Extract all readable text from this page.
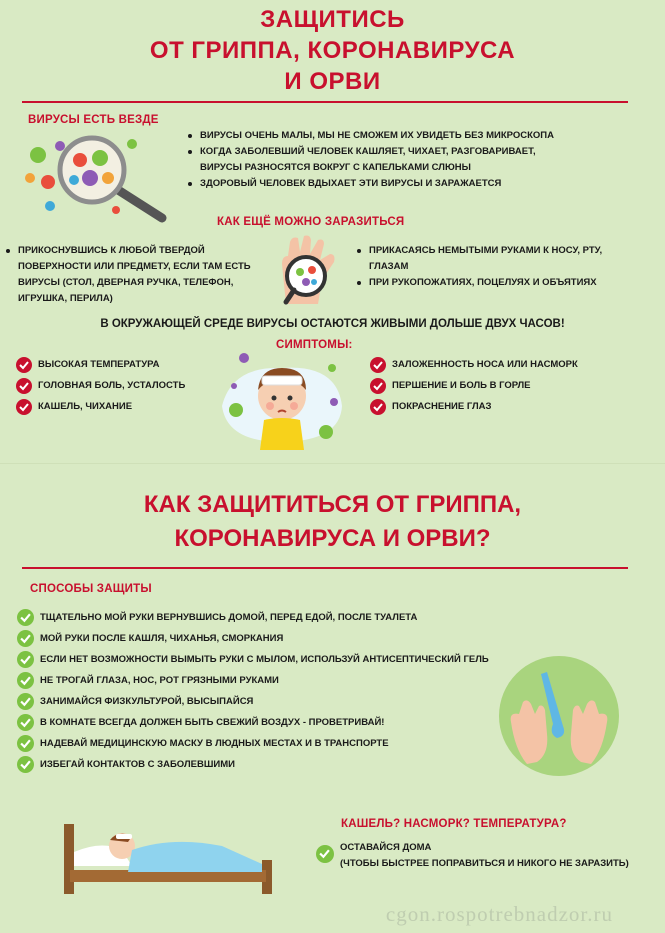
ЗАЩИТИСЬ
ОТ ГРИППА, КОРОНАВИРУСА
И ОРВИ
ВИРУСЫ ЕСТЬ ВЕЗДЕ
ВИРУСЫ ОЧЕНЬ МАЛЫ, МЫ НЕ СМОЖЕМ ИХ УВИДЕТЬ БЕЗ МИКРОСКОПА
КОГДА ЗАБОЛЕВШИЙ ЧЕЛОВЕК КАШЛЯЕТ, ЧИХАЕТ, РАЗГОВАРИВАЕТ,
ВИРУСЫ РАЗНОСЯТСЯ ВОКРУГ С КАПЕЛЬКАМИ СЛЮНЫ
ЗДОРОВЫЙ ЧЕЛОВЕК ВДЫХАЕТ ЭТИ ВИРУСЫ И ЗАРАЖАЕТСЯ
КАК ЕЩЁ МОЖНО ЗАРАЗИТЬСЯ
ПРИКОСНУВШИСЬ К ЛЮБОЙ ТВЕРДОЙ
ПОВЕРХНОСТИ ИЛИ ПРЕДМЕТУ, ЕСЛИ ТАМ ЕСТЬ
ВИРУСЫ (СТОЛ, ДВЕРНАЯ РУЧКА, ТЕЛЕФОН,
ИГРУШКА, ПЕРИЛА)
ПРИКАСАЯСЬ НЕМЫТЫМИ РУКАМИ К НОСУ, РТУ,
ГЛАЗАМ
ПРИ РУКОПОЖАТИЯХ, ПОЦЕЛУЯХ И ОБЪЯТИЯХ
В ОКРУЖАЮЩЕЙ СРЕДЕ ВИРУСЫ ОСТАЮТСЯ ЖИВЫМИ ДОЛЬШЕ ДВУХ ЧАСОВ!
СИМПТОМЫ:
ВЫСОКАЯ ТЕМПЕРАТУРА
ГОЛОВНАЯ БОЛЬ, УСТАЛОСТЬ
КАШЕЛЬ, ЧИХАНИЕ
ЗАЛОЖЕННОСТЬ НОСА ИЛИ НАСМОРК
ПЕРШЕНИЕ И БОЛЬ В ГОРЛЕ
ПОКРАСНЕНИЕ ГЛАЗ
КАК ЗАЩИТИТЬСЯ ОТ ГРИППА,
КОРОНАВИРУСА И ОРВИ?
СПОСОБЫ ЗАЩИТЫ
ТЩАТЕЛЬНО МОЙ РУКИ ВЕРНУВШИСЬ ДОМОЙ, ПЕРЕД ЕДОЙ, ПОСЛЕ ТУАЛЕТА
МОЙ РУКИ ПОСЛЕ КАШЛЯ, ЧИХАНЬЯ, СМОРКАНИЯ
ЕСЛИ НЕТ ВОЗМОЖНОСТИ ВЫМЫТЬ РУКИ С МЫЛОМ, ИСПОЛЬЗУЙ АНТИСЕПТИЧЕСКИЙ ГЕЛЬ
НЕ ТРОГАЙ ГЛАЗА, НОС, РОТ ГРЯЗНЫМИ РУКАМИ
ЗАНИМАЙСЯ ФИЗКУЛЬТУРОЙ, ВЫСЫПАЙСЯ
В КОМНАТЕ ВСЕГДА ДОЛЖЕН БЫТЬ СВЕЖИЙ ВОЗДУХ - ПРОВЕТРИВАЙ!
НАДЕВАЙ МЕДИЦИНСКУЮ МАСКУ В ЛЮДНЫХ МЕСТАХ И В ТРАНСПОРТЕ
ИЗБЕГАЙ КОНТАКТОВ С ЗАБОЛЕВШИМИ
КАШЕЛЬ? НАСМОРК? ТЕМПЕРАТУРА?
ОСТАВАЙСЯ ДОМА
(ЧТОБЫ БЫСТРЕЕ ПОПРАВИТЬСЯ И НИКОГО НЕ ЗАРАЗИТЬ)
cgon.rospotrebnadzor.ru
